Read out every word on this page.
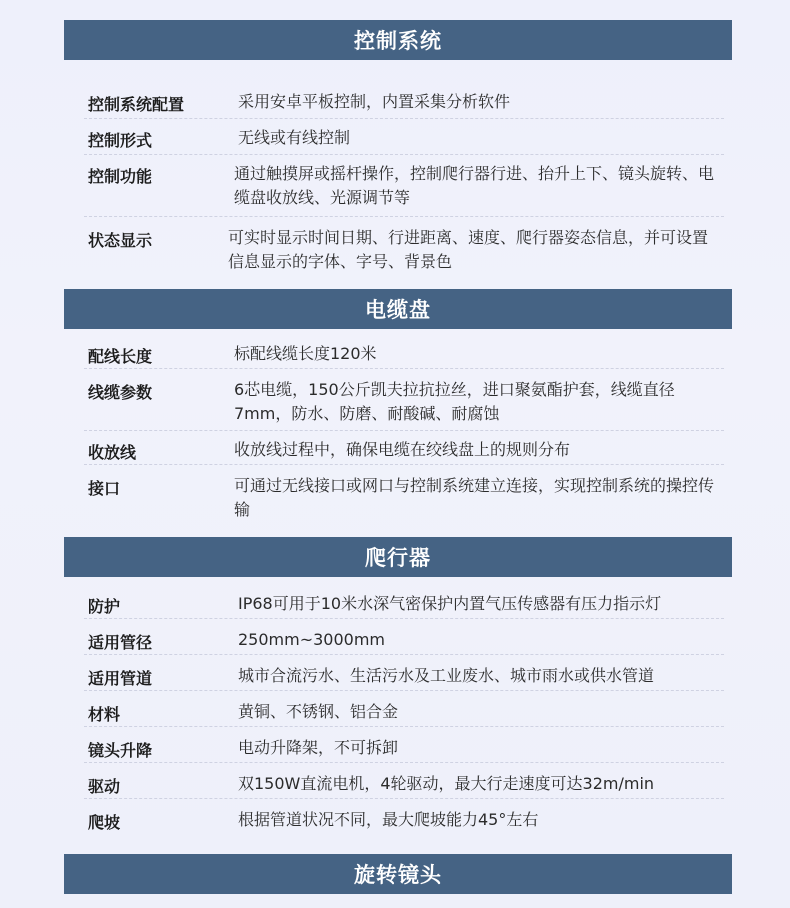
控制系统
控制系统配置	采用安卓平板控制，内置采集分析软件
控制形式	无线或有线控制
控制功能	通过触摸屏或摇杆操作，控制爬行器行进、抬升上下、镜头旋转、电缆盘收放线、光源调节等
状态显示	可实时显示时间日期、行进距离、速度、爬行器姿态信息，并可设置信息显示的字体、字号、背景色
电缆盘
配线长度	标配线缆长度120米
线缆参数	6芯电缆，150公斤凯夫拉抗拉丝，进口聚氨酯护套，线缆直径7mm，防水、防磨、耐酸碱、耐腐蚀
收放线	收放线过程中，确保电缆在绞线盘上的规则分布
接口	可通过无线接口或网口与控制系统建立连接，实现控制系统的操控传输
爬行器
防护	IP68可用于10米水深气密保护内置气压传感器有压力指示灯
适用管径	250mm~3000mm
适用管道	城市合流污水、生活污水及工业废水、城市雨水或供水管道
材料	黄铜、不锈钢、铝合金
镜头升降	电动升降架，不可拆卸
驱动	双150W直流电机，4轮驱动，最大行走速度可达32m/min
爬坡	根据管道状况不同，最大爬坡能力45°左右
旋转镜头
